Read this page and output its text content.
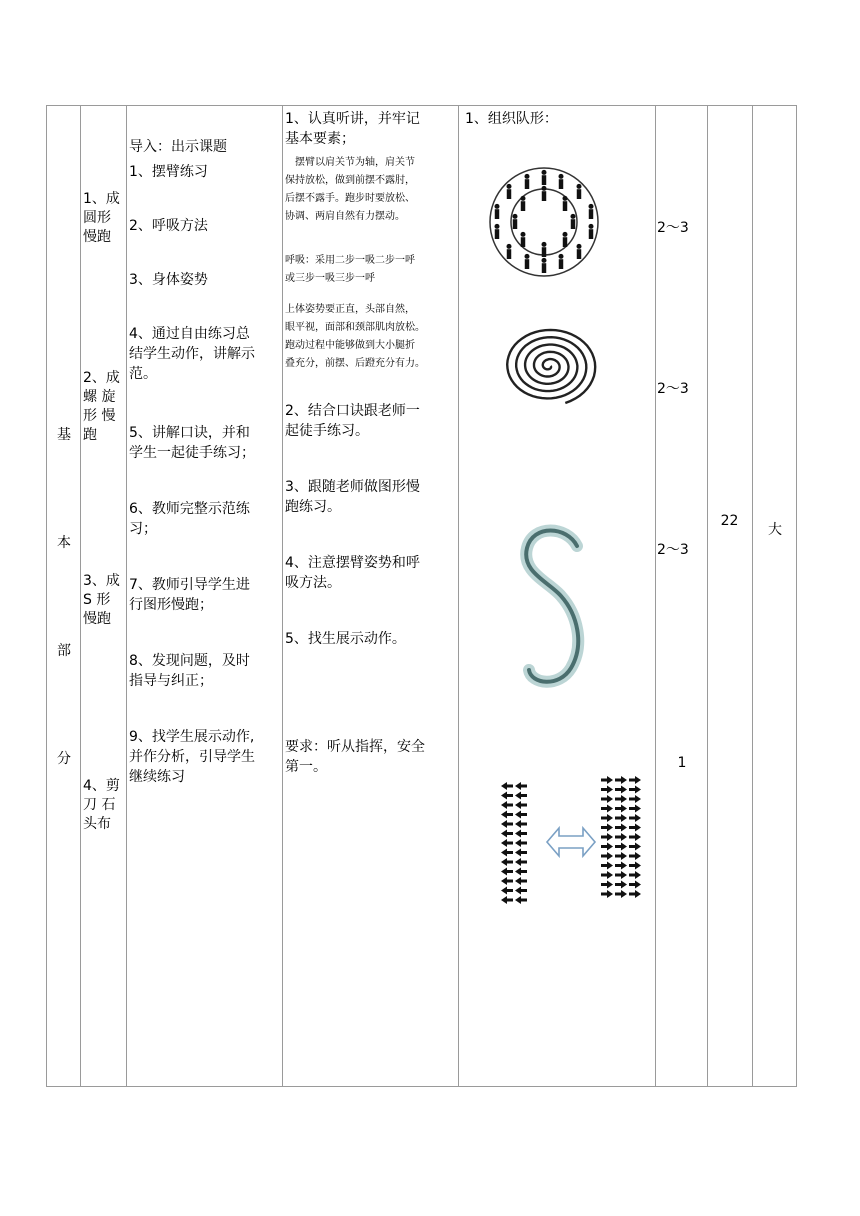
基
本
部
分
1、成
圆形
慢跑
2、成
螺 旋
形 慢
跑
3、成
S 形
慢跑
4、剪
刀 石
头布
导入：出示课题
1、摆臂练习
2、呼吸方法
3、身体姿势
4、通过自由练习总
结学生动作，讲解示
范。
5、讲解口诀，并和
学生一起徒手练习；
6、教师完整示范练
习；
7、教师引导学生进
行图形慢跑；
8、发现问题，及时
指导与纠正；
9、找学生展示动作,
并作分析，引导学生
继续练习
1、认真听讲，并牢记
基本要素；
　摆臂以肩关节为轴，肩关节
保持放松，做到前摆不露肘，
后摆不露手。跑步时要放松、
协调、两肩自然有力摆动。
呼吸：采用二步一吸二步一呼
或三步一吸三步一呼
上体姿势要正直，头部自然，
眼平视，面部和颈部肌肉放松。
跑动过程中能够做到大小腿折
叠充分，前摆、后蹬充分有力。
2、结合口诀跟老师一
起徒手练习。
3、跟随老师做图形慢
跑练习。
4、注意摆臂姿势和呼
吸方法。
5、找生展示动作。
要求：听从指挥，安全
第一。
1、组织队形：
2～3
2～3
2～3
1
22
大
